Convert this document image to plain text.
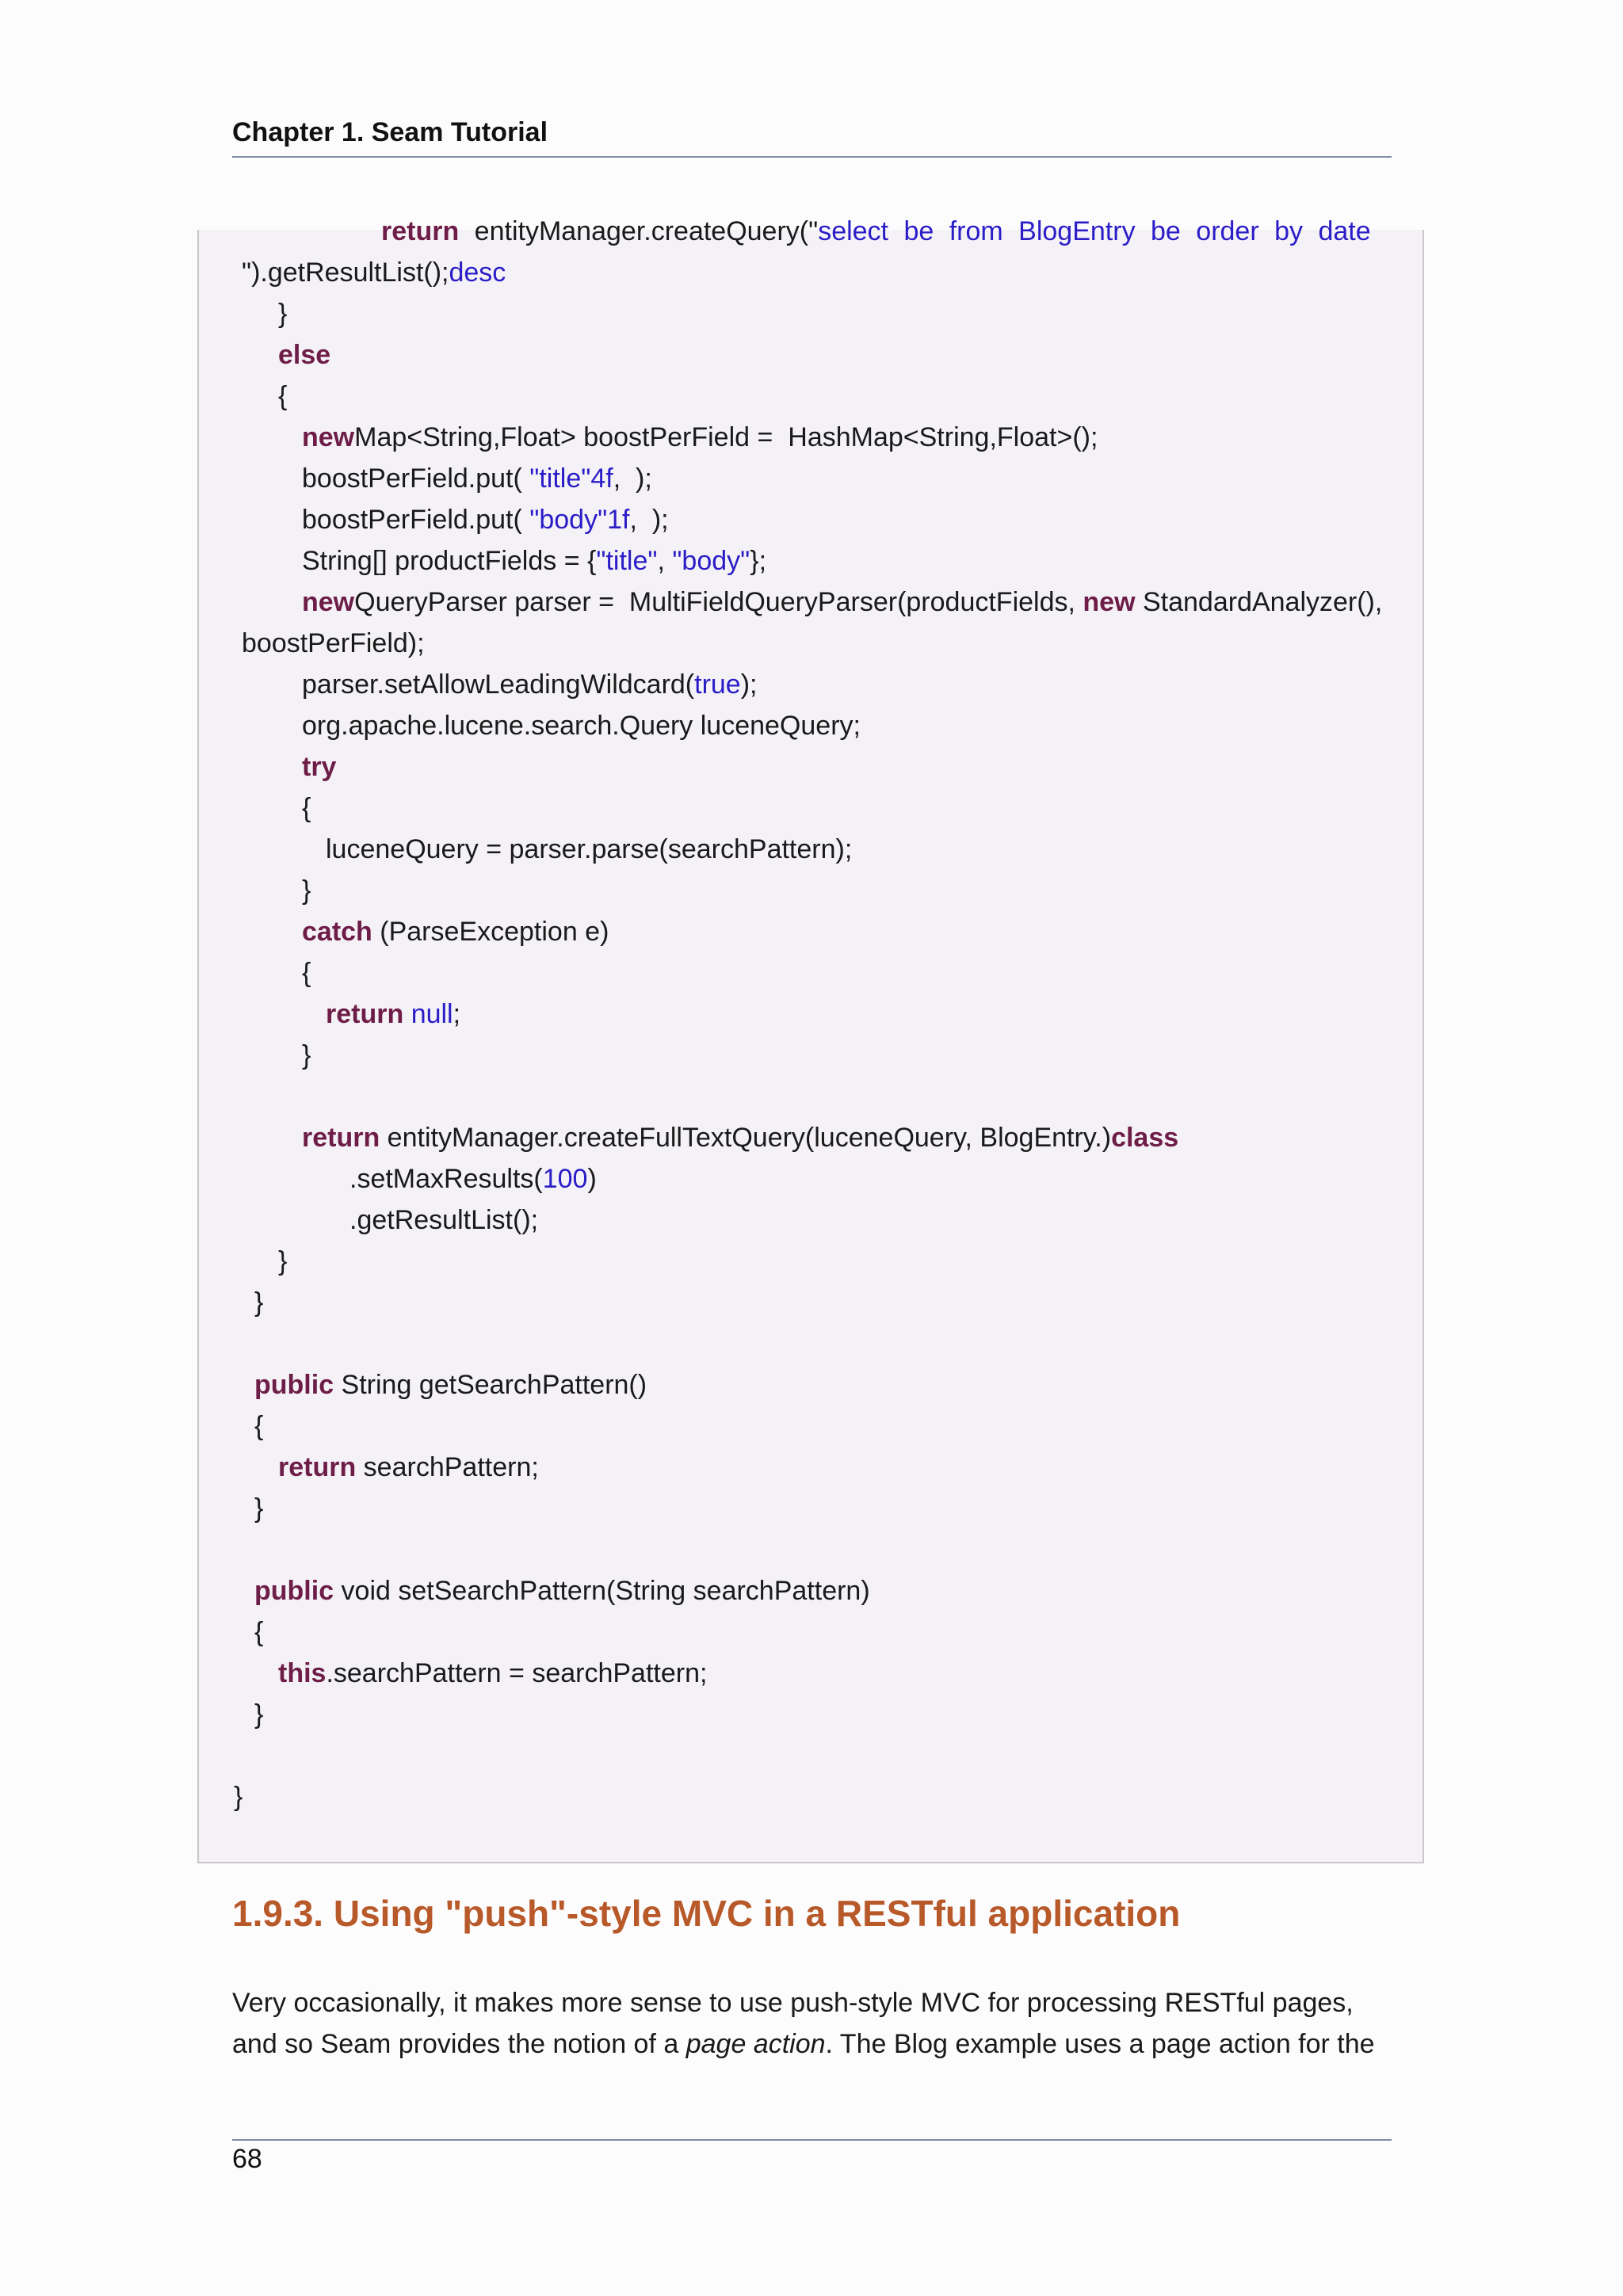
Chapter 1. Seam Tutorial
return entityManager.createQuery("select be from BlogEntry be order by date
").getResultList();desc
}
else
{
newMap<String,Float> boostPerField =  HashMap<String,Float>();
boostPerField.put( "title"4f,  );
boostPerField.put( "body"1f,  );
String[] productFields = {"title", "body"};
newQueryParser parser =  MultiFieldQueryParser(productFields, new StandardAnalyzer(),
boostPerField);
parser.setAllowLeadingWildcard(true);
org.apache.lucene.search.Query luceneQuery;
try
{
luceneQuery = parser.parse(searchPattern);
}
catch (ParseException e)
{
return null;
}
return entityManager.createFullTextQuery(luceneQuery, BlogEntry.)class
.setMaxResults(100)
.getResultList();
}
}
public String getSearchPattern()
{
return searchPattern;
}
public void setSearchPattern(String searchPattern)
{
this.searchPattern = searchPattern;
}
}
1.9.3. Using "push"-style MVC in a RESTful application
Very occasionally, it makes more sense to use push-style MVC for processing RESTful pages,
and so Seam provides the notion of a page action. The Blog example uses a page action for the
68
